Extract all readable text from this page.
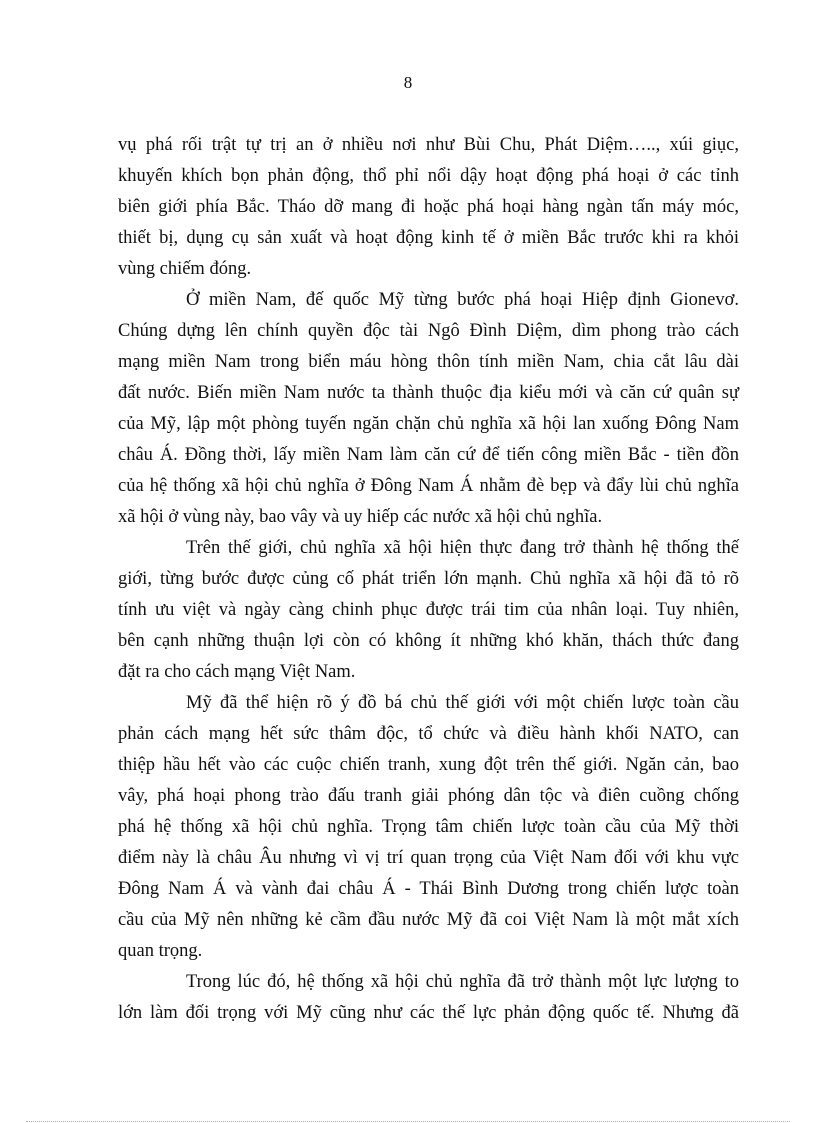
8
vụ phá rối trật tự trị an ở nhiều nơi như Bùi Chu, Phát Diệm….., xúi giục,
khuyến khích bọn phản động, thổ phỉ nổi dậy hoạt động phá hoại ở các tỉnh
biên giới phía Bắc. Tháo dỡ mang đi hoặc phá hoại hàng ngàn tấn máy móc,
thiết bị, dụng cụ sản xuất và hoạt động kinh tế ở miền Bắc trước khi ra khỏi
vùng chiếm đóng.
Ở miền Nam, đế quốc Mỹ từng bước phá hoại Hiệp định Gionevơ.
Chúng dựng lên chính quyền độc tài Ngô Đình Diệm, dìm phong trào cách
mạng miền Nam trong biển máu hòng thôn tính miền Nam, chia cắt lâu dài
đất nước. Biến miền Nam nước ta thành thuộc địa kiểu mới và căn cứ quân sự
của Mỹ, lập một phòng tuyến ngăn chặn chủ nghĩa xã hội lan xuống Đông Nam
châu Á. Đồng thời, lấy miền Nam làm căn cứ để tiến công miền Bắc - tiền đồn
của hệ thống xã hội chủ nghĩa ở Đông Nam Á nhằm đè bẹp và đẩy lùi chủ nghĩa
xã hội ở vùng này, bao vây và uy hiếp các nước xã hội chủ nghĩa.
Trên thế giới, chủ nghĩa xã hội hiện thực đang trở thành hệ thống thế
giới, từng bước được củng cố phát triển lớn mạnh. Chủ nghĩa xã hội đã tỏ rõ
tính ưu việt và ngày càng chinh phục được trái tim của nhân loại. Tuy nhiên,
bên cạnh những thuận lợi còn có không ít những khó khăn, thách thức đang
đặt ra cho cách mạng Việt Nam.
Mỹ đã thể hiện rõ ý đồ bá chủ thế giới với một chiến lược toàn cầu
phản cách mạng hết sức thâm độc, tổ chức và điều hành khối NATO, can
thiệp hầu hết vào các cuộc chiến tranh, xung đột trên thế giới. Ngăn cản, bao
vây, phá hoại phong trào đấu tranh giải phóng dân tộc và điên cuồng chống
phá hệ thống xã hội chủ nghĩa. Trọng tâm chiến lược toàn cầu của Mỹ thời
điểm này là châu Âu nhưng vì vị trí quan trọng của Việt Nam đối với khu vực
Đông Nam Á và vành đai châu Á - Thái Bình Dương trong chiến lược toàn
cầu của Mỹ nên những kẻ cầm đầu nước Mỹ đã coi Việt Nam là một mắt xích
quan trọng.
Trong lúc đó, hệ thống xã hội chủ nghĩa đã trở thành một lực lượng to
lớn làm đối trọng với Mỹ cũng như các thế lực phản động quốc tế. Nhưng đã
